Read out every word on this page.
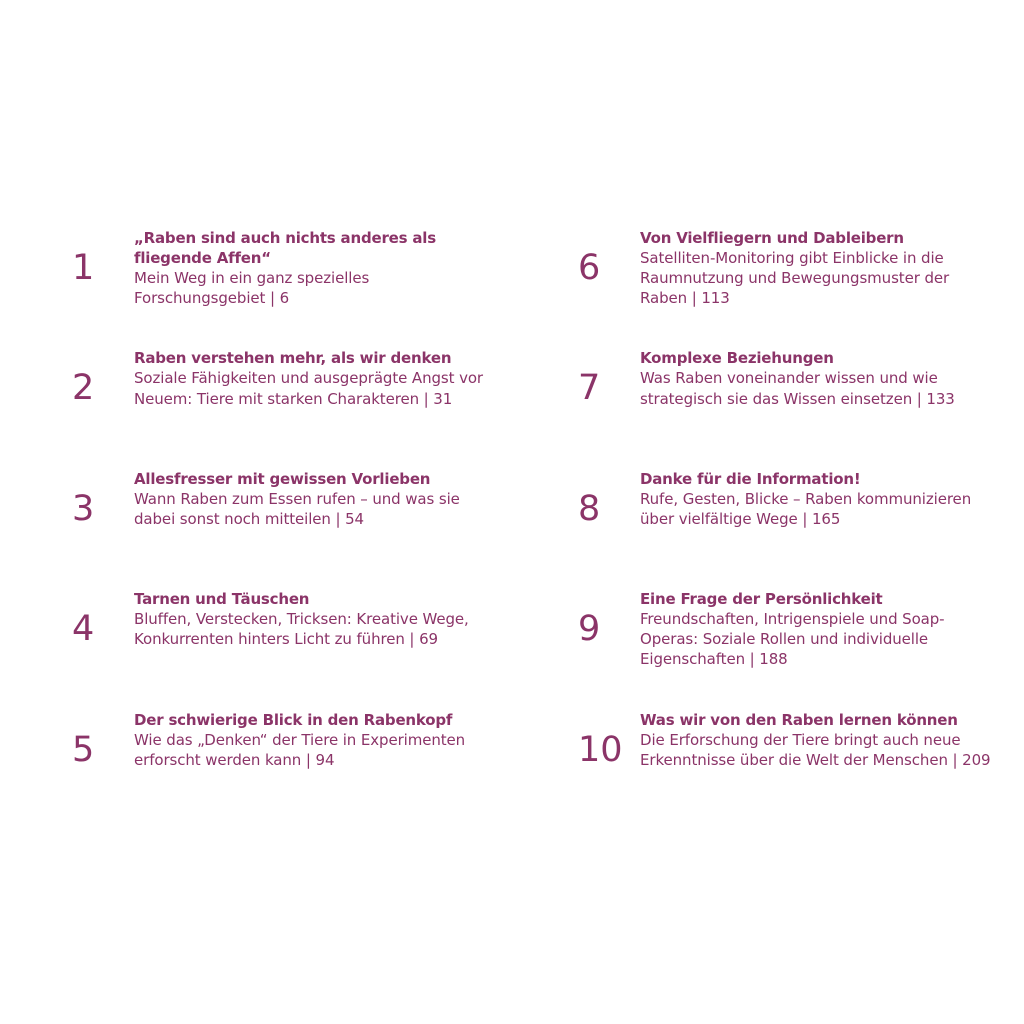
1
„Raben sind auch nichts anderes als fliegende Affen“
Mein Weg in ein ganz spezielles Forschungsgebiet | 6
2
Raben verstehen mehr, als wir denken
Soziale Fähigkeiten und ausgeprägte Angst vor Neuem: Tiere mit starken Charakteren | 31
3
Allesfresser mit gewissen Vorlieben
Wann Raben zum Essen rufen – und was sie dabei sonst noch mitteilen | 54
4
Tarnen und Täuschen
Bluffen, Verstecken, Tricksen: Kreative Wege, Konkurrenten hinters Licht zu führen | 69
5
Der schwierige Blick in den Rabenkopf
Wie das „Denken“ der Tiere in Experimenten erforscht werden kann | 94
6
Von Vielfliegern und Dableibern
Satelliten-Monitoring gibt Einblicke in die Raumnutzung und Bewegungsmuster der Raben | 113
7
Komplexe Beziehungen
Was Raben voneinander wissen und wie strategisch sie das Wissen einsetzen | 133
8
Danke für die Information!
Rufe, Gesten, Blicke – Raben kommunizieren über vielfältige Wege | 165
9
Eine Frage der Persönlichkeit
Freundschaften, Intrigenspiele und Soap-Operas: Soziale Rollen und individuelle Eigenschaften | 188
10
Was wir von den Raben lernen können
Die Erforschung der Tiere bringt auch neue Erkenntnisse über die Welt der Menschen | 209
